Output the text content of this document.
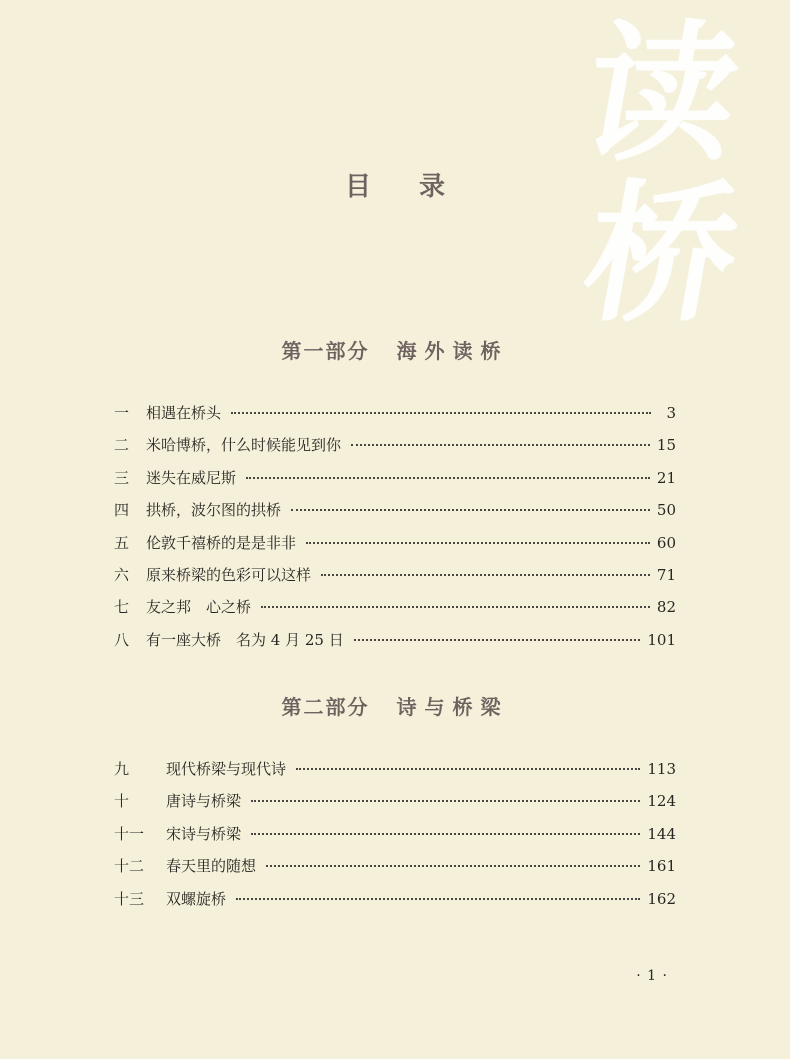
读
桥
目录
第一部分 海外读桥
一	相遇在桥头	3
二	米哈博桥，什么时候能见到你	15
三	迷失在威尼斯	21
四	拱桥，波尔图的拱桥	50
五	伦敦千禧桥的是是非非	60
六	原来桥梁的色彩可以这样	71
七	友之邦　心之桥	82
八	有一座大桥　名为 4 月 25 日	101
第二部分 诗与桥梁
九	现代桥梁与现代诗	113
十	唐诗与桥梁	124
十一	宋诗与桥梁	144
十二	春天里的随想	161
十三	双螺旋桥	162
· 1 ·
